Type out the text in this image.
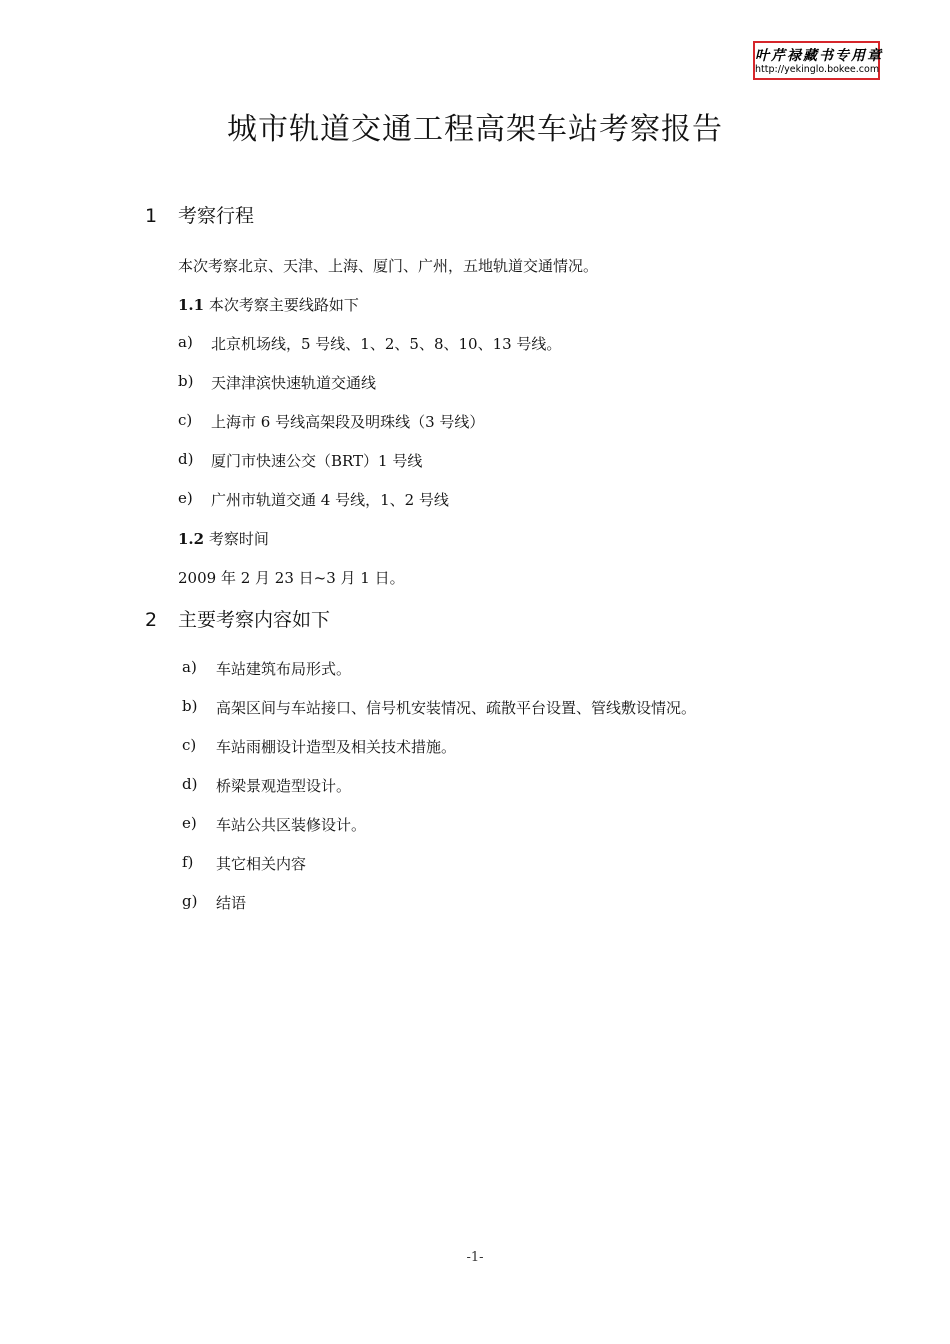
叶芹禄藏书专用章
http://yekinglo.bokee.com
城市轨道交通工程高架车站考察报告
1 考察行程
本次考察北京、天津、上海、厦门、广州，五地轨道交通情况。
1.1 本次考察主要线路如下
a) 北京机场线，5 号线、1、2、5、8、10、13 号线。
b) 天津津滨快速轨道交通线
c) 上海市 6 号线高架段及明珠线（3 号线）
d) 厦门市快速公交（BRT）1 号线
e) 广州市轨道交通 4 号线，1、2 号线
1.2 考察时间
2009 年 2 月 23 日~3 月 1 日。
2 主要考察内容如下
a) 车站建筑布局形式。
b) 高架区间与车站接口、信号机安装情况、疏散平台设置、管线敷设情况。
c) 车站雨棚设计造型及相关技术措施。
d) 桥梁景观造型设计。
e) 车站公共区装修设计。
f) 其它相关内容
g) 结语
-1-
